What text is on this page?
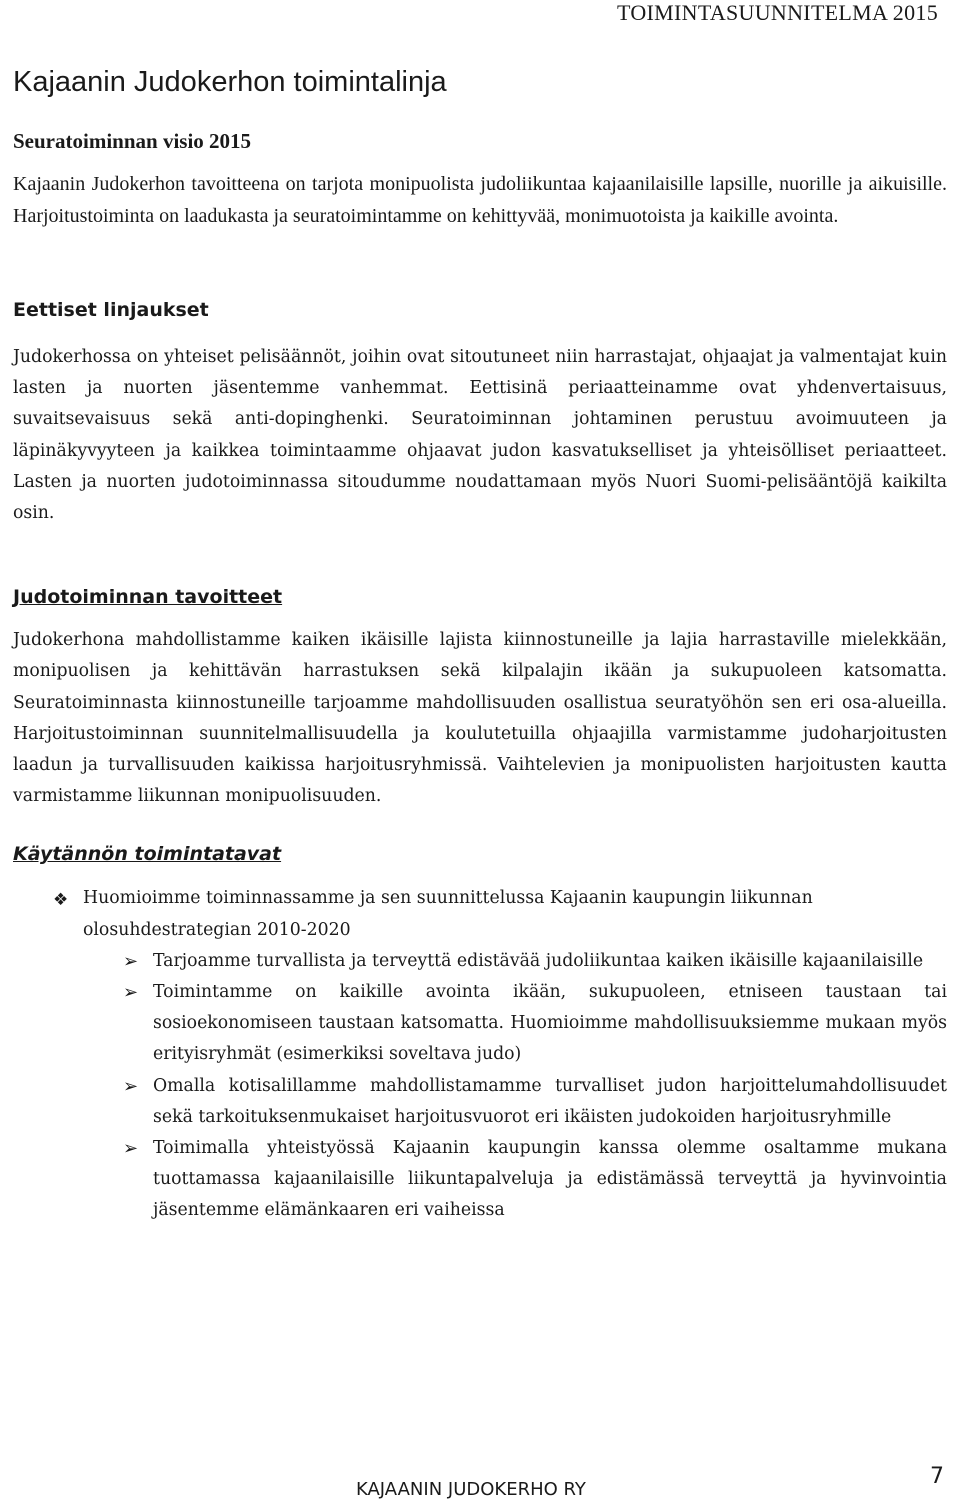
TOIMINTASUUNNITELMA 2015
Kajaanin Judokerhon toimintalinja
Seuratoiminnan visio 2015

Kajaanin Judokerhon tavoitteena on tarjota monipuolista judoliikuntaa kajaanilaisille lapsille, nuorille ja aikuisille. Harjoitustoiminta on laadukasta ja seuratoimintamme on kehittyvää, monimuotoista ja kaikille avointa.

Eettiset linjaukset

Judokerhossa on yhteiset pelisäännöt, joihin ovat sitoutuneet niin harrastajat, ohjaajat ja valmentajat kuin lasten ja nuorten jäsentemme vanhemmat. Eettisinä periaatteinamme ovat yhdenvertaisuus, suvaitsevaisuus sekä anti-dopinghenki. Seuratoiminnan johtaminen perustuu avoimuuteen ja läpinäkyvyyteen ja kaikkea toimintaamme ohjaavat judon kasvatukselliset ja yhteisölliset periaatteet. Lasten ja nuorten judotoiminnassa sitoudumme noudattamaan myös Nuori Suomi-pelisääntöjä kaikilta osin.

Judotoiminnan tavoitteet

Judokerhona mahdollistamme kaiken ikäisille lajista kiinnostuneille ja lajia harrastaville mielekkään, monipuolisen ja kehittävän harrastuksen sekä kilpalajin ikään ja sukupuoleen katsomatta. Seuratoiminnasta kiinnostuneille tarjoamme mahdollisuuden osallistua seuratyöhön sen eri osa-alueilla. Harjoitustoiminnan suunnitelmallisuudella ja koulutetuilla ohjaajilla varmistamme judoharjoitusten laadun ja turvallisuuden kaikissa harjoitusryhmissä. Vaihtelevien ja monipuolisten harjoitusten kautta varmistamme liikunnan monipuolisuuden.

Käytännön toimintatavat
❖ Huomioimme toiminnassamme ja sen suunnittelussa Kajaanin kaupungin liikunnan olosuhdestrategian 2010-2020
➢ Tarjoamme turvallista ja terveyttä edistävää judoliikuntaa kaiken ikäisille kajaanilaisille
➢ Toimintamme on kaikille avointa ikään, sukupuoleen, etniseen taustaan tai sosioekonomiseen taustaan katsomatta. Huomioimme mahdollisuuksiemme mukaan myös erityisryhmät (esimerkiksi soveltava judo)
➢ Omalla kotisalillamme mahdollistamamme turvalliset judon harjoittelumahdollisuudet sekä tarkoituksenmukaiset harjoitusvuorot eri ikäisten judokoiden harjoitusryhmille
➢ Toimimalla yhteistyössä Kajaanin kaupungin kanssa olemme osaltamme mukana tuottamassa kajaanilaisille liikuntapalveluja ja edistämässä terveyttä ja hyvinvointia jäsentemme elämänkaaren eri vaiheissa
KAJAANIN JUDOKERHO RY
7
